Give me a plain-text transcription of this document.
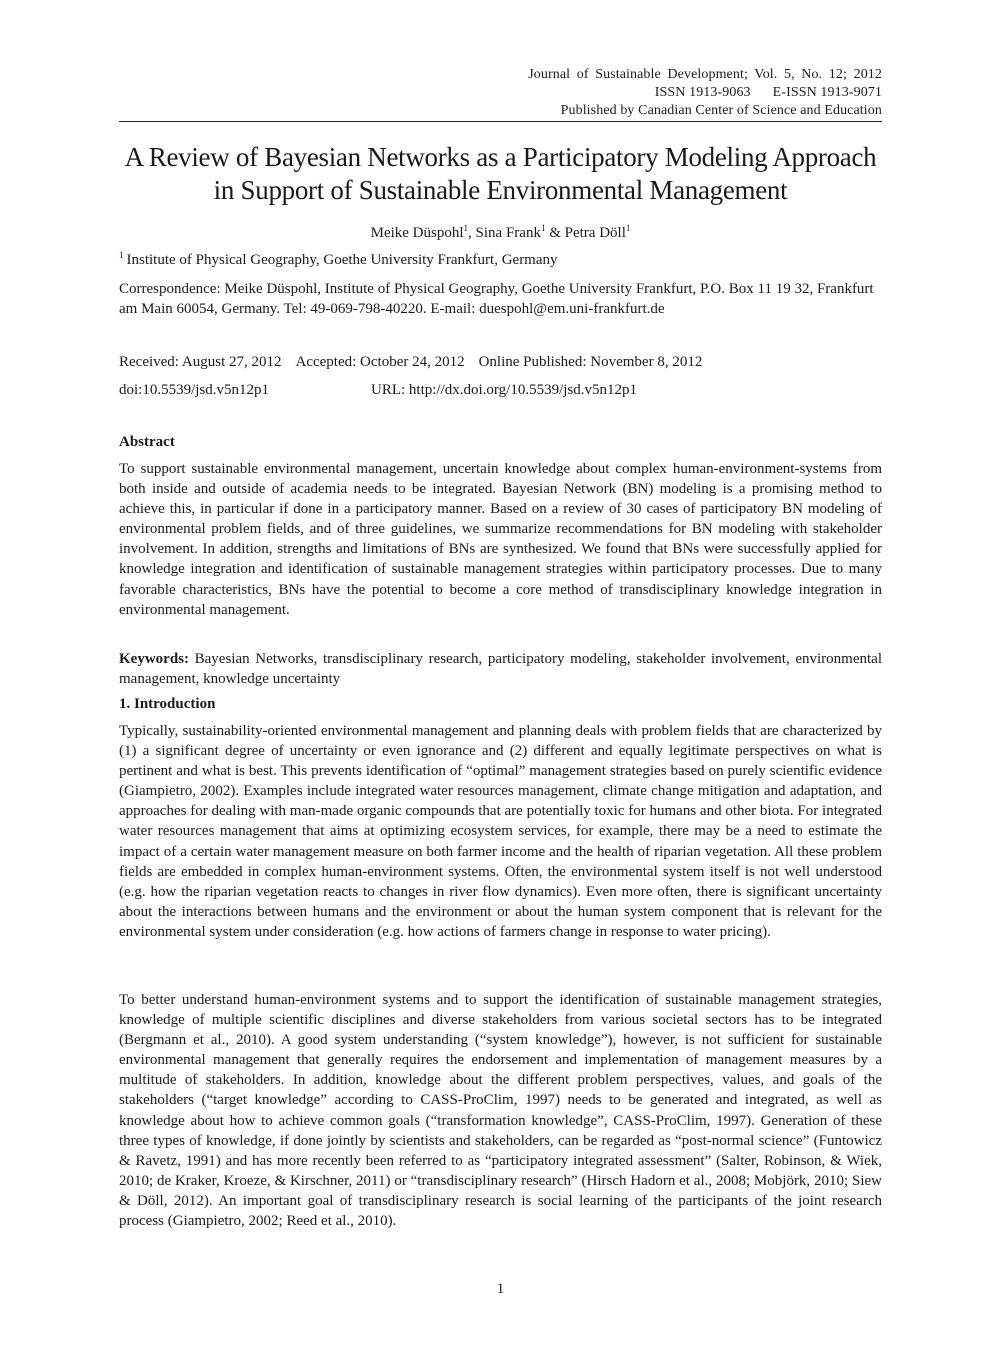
Journal of Sustainable Development; Vol. 5, No. 12; 2012
ISSN 1913-9063 E-ISSN 1913-9071
Published by Canadian Center of Science and Education
A Review of Bayesian Networks as a Participatory Modeling Approach
in Support of Sustainable Environmental Management
Meike Düspohl$^1$, Sina Frank$^1$ & Petra Döll$^1$
$^1$ Institute of Physical Geography, Goethe University Frankfurt, Germany
Correspondence: Meike Düspohl, Institute of Physical Geography, Goethe University Frankfurt, P.O. Box 11 19 32, Frankfurt am Main 60054, Germany. Tel: 49-069-798-40220. E-mail: duespohl@em.uni-frankfurt.de
Received: August 27, 2012 Accepted: October 24, 2012 Online Published: November 8, 2012
doi:10.5539/jsd.v5n12p1	URL: http://dx.doi.org/10.5539/jsd.v5n12p1
Abstract
To support sustainable environmental management, uncertain knowledge about complex human-environment-systems from both inside and outside of academia needs to be integrated. Bayesian Network (BN) modeling is a promising method to achieve this, in particular if done in a participatory manner. Based on a review of 30 cases of participatory BN modeling of environmental problem fields, and of three guidelines, we summarize recommendations for BN modeling with stakeholder involvement. In addition, strengths and limitations of BNs are synthesized. We found that BNs were successfully applied for knowledge integration and identification of sustainable management strategies within participatory processes. Due to many favorable characteristics, BNs have the potential to become a core method of transdisciplinary knowledge integration in environmental management.
Keywords: Bayesian Networks, transdisciplinary research, participatory modeling, stakeholder involvement, environmental management, knowledge uncertainty
1. Introduction
Typically, sustainability-oriented environmental management and planning deals with problem fields that are characterized by (1) a significant degree of uncertainty or even ignorance and (2) different and equally legitimate perspectives on what is pertinent and what is best. This prevents identification of “optimal” management strategies based on purely scientific evidence (Giampietro, 2002). Examples include integrated water resources management, climate change mitigation and adaptation, and approaches for dealing with man-made organic compounds that are potentially toxic for humans and other biota. For integrated water resources management that aims at optimizing ecosystem services, for example, there may be a need to estimate the impact of a certain water management measure on both farmer income and the health of riparian vegetation. All these problem fields are embedded in complex human-environment systems. Often, the environmental system itself is not well understood (e.g. how the riparian vegetation reacts to changes in river flow dynamics). Even more often, there is significant uncertainty about the interactions between humans and the environment or about the human system component that is relevant for the environmental system under consideration (e.g. how actions of farmers change in response to water pricing).
To better understand human-environment systems and to support the identification of sustainable management strategies, knowledge of multiple scientific disciplines and diverse stakeholders from various societal sectors has to be integrated (Bergmann et al., 2010). A good system understanding (“system knowledge”), however, is not sufficient for sustainable environmental management that generally requires the endorsement and implementation of management measures by a multitude of stakeholders. In addition, knowledge about the different problem perspectives, values, and goals of the stakeholders (“target knowledge” according to CASS-ProClim, 1997) needs to be generated and integrated, as well as knowledge about how to achieve common goals (“transformation knowledge”, CASS-ProClim, 1997). Generation of these three types of knowledge, if done jointly by scientists and stakeholders, can be regarded as “post-normal science” (Funtowicz & Ravetz, 1991) and has more recently been referred to as “participatory integrated assessment” (Salter, Robinson, & Wiek, 2010; de Kraker, Kroeze, & Kirschner, 2011) or “transdisciplinary research” (Hirsch Hadorn et al., 2008; Mobjörk, 2010; Siew & Döll, 2012). An important goal of transdisciplinary research is social learning of the participants of the joint research process (Giampietro, 2002; Reed et al., 2010).
1
